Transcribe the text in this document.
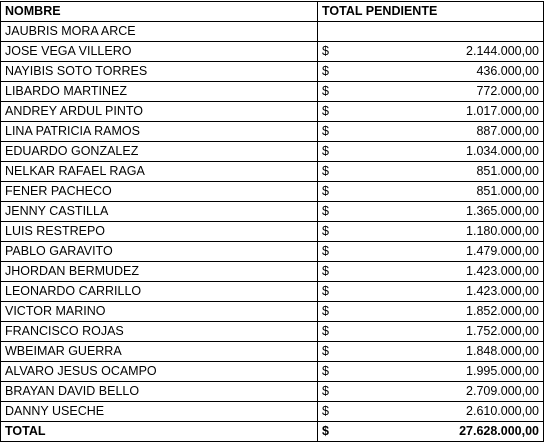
NOMBRE	TOTAL PENDIENTE	
JAUBRIS MORA ARCE		
JOSE VEGA VILLERO	$	2.144.000,00
NAYIBIS SOTO TORRES	$	436.000,00
LIBARDO MARTINEZ	$	772.000,00
ANDREY ARDUL PINTO	$	1.017.000,00
LINA PATRICIA RAMOS	$	887.000,00
EDUARDO GONZALEZ	$	1.034.000,00
NELKAR RAFAEL RAGA	$	851.000,00
FENER PACHECO	$	851.000,00
JENNY CASTILLA	$	1.365.000,00
LUIS RESTREPO	$	1.180.000,00
PABLO GARAVITO	$	1.479.000,00
JHORDAN BERMUDEZ	$	1.423.000,00
LEONARDO CARRILLO	$	1.423.000,00
VICTOR MARINO	$	1.852.000,00
FRANCISCO ROJAS	$	1.752.000,00
WBEIMAR GUERRA	$	1.848.000,00
ALVARO JESUS OCAMPO	$	1.995.000,00
BRAYAN DAVID BELLO	$	2.709.000,00
DANNY USECHE	$	2.610.000,00
TOTAL	$	27.628.000,00
